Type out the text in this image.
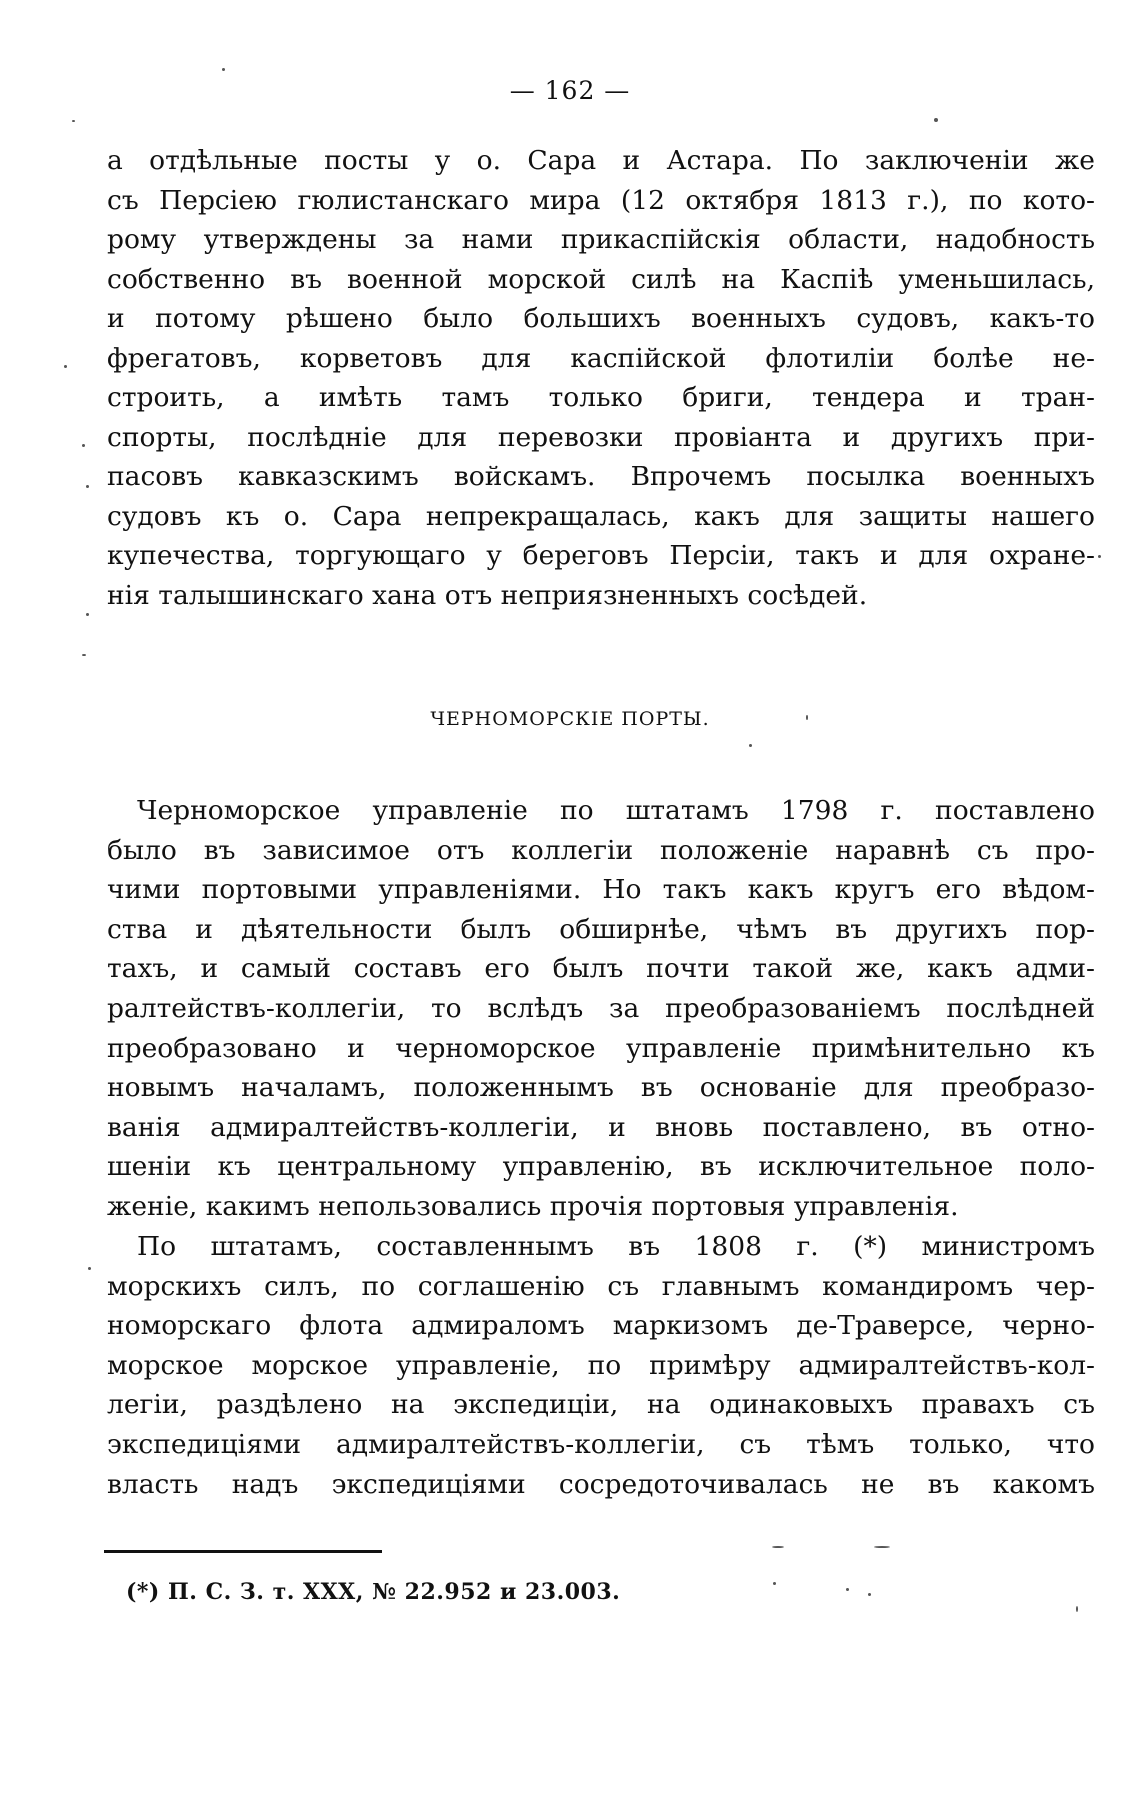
— 162 —
а отдѣльные посты у о. Сара и Астара. По заключеніи же
съ Персіею гюлистанскаго мира (12 октября 1813 г.), по кото-
рому утверждены за нами прикаспійскія области, надобность
собственно въ военной морской силѣ на Каспіѣ уменьшилась,
и потому рѣшено было большихъ военныхъ судовъ, какъ-то
фрегатовъ, корветовъ для каспійской флотиліи болѣе не-
строить, а имѣть тамъ только бриги, тендера и тран-
спорты, послѣдніе для перевозки провіанта и другихъ при-
пасовъ кавказскимъ войскамъ. Впрочемъ посылка военныхъ
судовъ къ о. Сара непрекращалась, какъ для защиты нашего
купечества, торгующаго у береговъ Персіи, такъ и для охране-
нія талышинскаго хана отъ неприязненныхъ сосѣдей.
ЧЕРНОМОРСКІЕ ПОРТЫ.
Черноморское управленіе по штатамъ 1798 г. поставлено
было въ зависимое отъ коллегіи положеніе наравнѣ съ про-
чими портовыми управленіями. Но такъ какъ кругъ его вѣдом-
ства и дѣятельности былъ обширнѣе, чѣмъ въ другихъ пор-
тахъ, и самый составъ его былъ почти такой же, какъ адми-
ралтействъ-коллегіи, то вслѣдъ за преобразованіемъ послѣдней
преобразовано и черноморское управленіе примѣнительно къ
новымъ началамъ, положеннымъ въ основаніе для преобразо-
ванія адмиралтействъ-коллегіи, и вновь поставлено, въ отно-
шеніи къ центральному управленію, въ исключительное поло-
женіе, какимъ непользовались прочія портовыя управленія.
По штатамъ, составленнымъ въ 1808 г. (*) министромъ
морскихъ силъ, по соглашенію съ главнымъ командиромъ чер-
номорскаго флота адмираломъ маркизомъ де-Траверсе, черно-
морское морское управленіе, по примѣру адмиралтействъ-кол-
легіи, раздѣлено на экспедиціи, на одинаковыхъ правахъ съ
экспедиціями адмиралтействъ-коллегіи, съ тѣмъ только, что
власть надъ экспедиціями сосредоточивалась не въ какомъ
(*) П. С. З. т. XXX, № 22.952 и 23.003.
